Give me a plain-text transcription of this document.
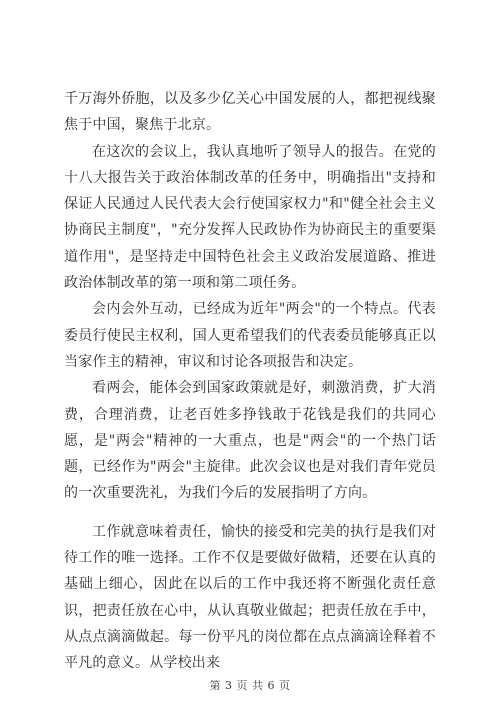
千万海外侨胞，以及多少亿关心中国发展的人，都把视线聚焦于中国，聚焦于北京。

在这次的会议上，我认真地听了领导人的报告。在党的十八大报告关于政治体制改革的任务中，明确指出"支持和保证人民通过人民代表大会行使国家权力"和"健全社会主义协商民主制度"，"充分发挥人民政协作为协商民主的重要渠道作用"，是坚持走中国特色社会主义政治发展道路、推进政治体制改革的第一项和第二项任务。

会内会外互动，已经成为近年"两会"的一个特点。代表委员行使民主权利，国人更希望我们的代表委员能够真正以当家作主的精神，审议和讨论各项报告和决定。

看两会，能体会到国家政策就是好，刺激消费，扩大消费，合理消费，让老百姓多挣钱敢于花钱是我们的共同心愿，是"两会"精神的一大重点，也是"两会"的一个热门话题，已经作为"两会"主旋律。此次会议也是对我们青年党员的一次重要洗礼，为我们今后的发展指明了方向。

工作就意味着责任，愉快的接受和完美的执行是我们对待工作的唯一选择。工作不仅是要做好做精，还要在认真的基础上细心，因此在以后的工作中我还将不断强化责任意识，把责任放在心中，从认真敬业做起；把责任放在手中，从点点滴滴做起。每一份平凡的岗位都在点点滴滴诠释着不平凡的意义。从学校出来

第 3 页 共 6 页
